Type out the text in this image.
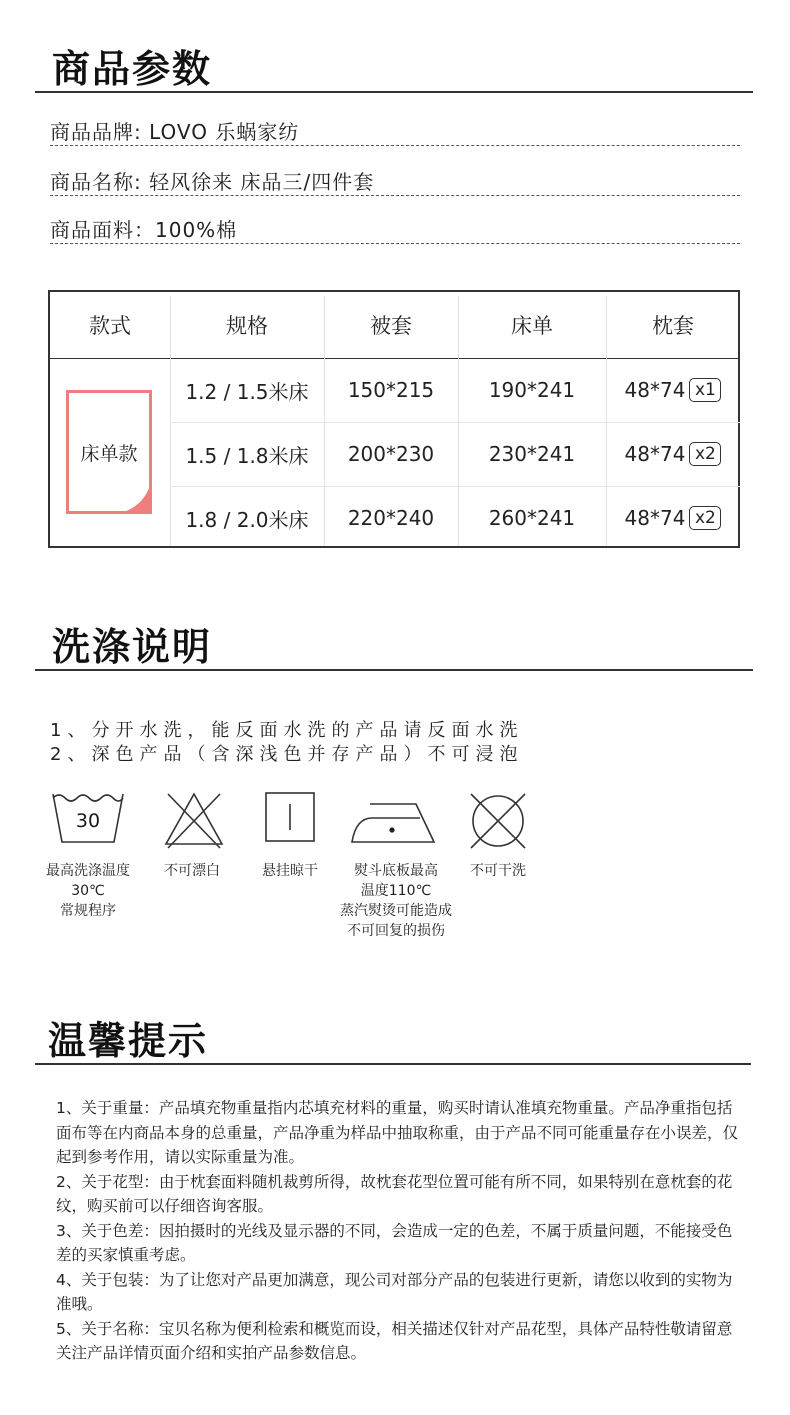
商品参数
商品品牌: LOVO 乐蜗家纺
商品名称: 轻风徐来 床品三/四件套
商品面料：100%棉
款式	规格	被套	床单	枕套
床单款
1.2 / 1.5米床	150*215	190*241	48*74 x1
1.5 / 1.8米床	200*230	230*241	48*74 x2
1.8 / 2.0米床	220*240	260*241	48*74 x2
洗涤说明
1、分开水洗，能反面水洗的产品请反面水洗
2、深色产品（含深浅色并存产品）不可浸泡
30
最高洗涤温度
30℃
常规程序
不可漂白	悬挂晾干	熨斗底板最高
温度110℃
蒸汽熨烫可能造成
不可回复的损伤
不可干洗
温馨提示

1、关于重量：产品填充物重量指内芯填充材料的重量，购买时请认准填充物重量。产品净重指包括面布等在内商品本身的总重量，产品净重为样品中抽取称重，由于产品不同可能重量存在小误差，仅起到参考作用，请以实际重量为准。

2、关于花型：由于枕套面料随机裁剪所得，故枕套花型位置可能有所不同，如果特别在意枕套的花纹，购买前可以仔细咨询客服。

3、关于色差：因拍摄时的光线及显示器的不同，会造成一定的色差，不属于质量问题，不能接受色差的买家慎重考虑。

4、关于包装：为了让您对产品更加满意，现公司对部分产品的包装进行更新，请您以收到的实物为准哦。

5、关于名称：宝贝名称为便利检索和概览而设，相关描述仅针对产品花型，具体产品特性敬请留意关注产品详情页面介绍和实拍产品参数信息。
